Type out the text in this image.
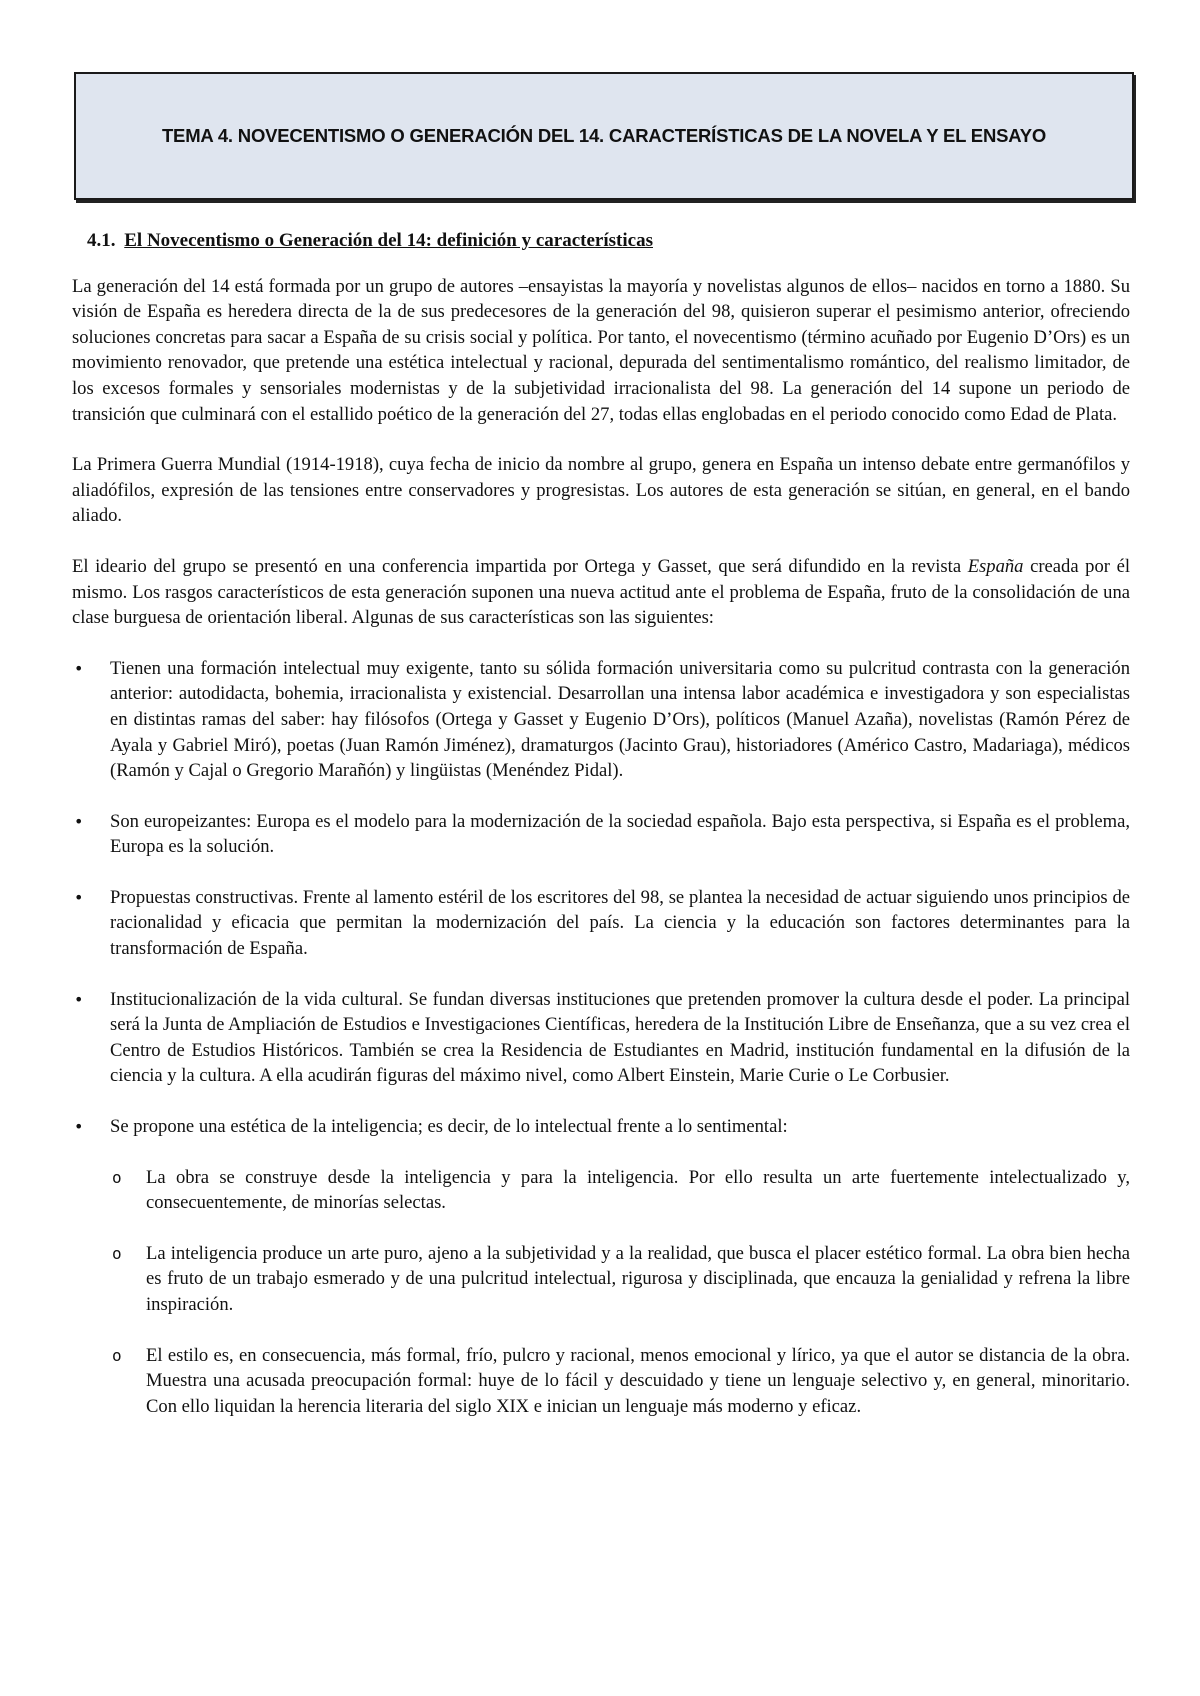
TEMA 4. NOVECENTISMO O GENERACIÓN DEL 14. CARACTERÍSTICAS DE LA NOVELA Y EL ENSAYO
4.1. El Novecentismo o Generación del 14: definición y características

La generación del 14 está formada por un grupo de autores –ensayistas la mayoría y novelistas algunos de ellos– nacidos en torno a 1880. Su visión de España es heredera directa de la de sus predecesores de la generación del 98, quisieron superar el pesimismo anterior, ofreciendo soluciones concretas para sacar a España de su crisis social y política. Por tanto, el novecentismo (término acuñado por Eugenio D’Ors) es un movimiento renovador, que pretende una estética intelectual y racional, depurada del sentimentalismo romántico, del realismo limitador, de los excesos formales y sensoriales modernistas y de la subjetividad irracionalista del 98. La generación del 14 supone un periodo de transición que culminará con el estallido poético de la generación del 27, todas ellas englobadas en el periodo conocido como Edad de Plata.

La Primera Guerra Mundial (1914-1918), cuya fecha de inicio da nombre al grupo, genera en España un intenso debate entre germanófilos y aliadófilos, expresión de las tensiones entre conservadores y progresistas. Los autores de esta generación se sitúan, en general, en el bando aliado.

El ideario del grupo se presentó en una conferencia impartida por Ortega y Gasset, que será difundido en la revista España creada por él mismo. Los rasgos característicos de esta generación suponen una nueva actitud ante el problema de España, fruto de la consolidación de una clase burguesa de orientación liberal. Algunas de sus características son las siguientes:

• Tienen una formación intelectual muy exigente, tanto su sólida formación universitaria como su pulcritud contrasta con la generación anterior: autodidacta, bohemia, irracionalista y existencial. Desarrollan una intensa labor académica e investigadora y son especialistas en distintas ramas del saber: hay filósofos (Ortega y Gasset y Eugenio D’Ors), políticos (Manuel Azaña), novelistas (Ramón Pérez de Ayala y Gabriel Miró), poetas (Juan Ramón Jiménez), dramaturgos (Jacinto Grau), historiadores (Américo Castro, Madariaga), médicos (Ramón y Cajal o Gregorio Marañón) y lingüistas (Menéndez Pidal).
• Son europeizantes: Europa es el modelo para la modernización de la sociedad española. Bajo esta perspectiva, si España es el problema, Europa es la solución.
• Propuestas constructivas. Frente al lamento estéril de los escritores del 98, se plantea la necesidad de actuar siguiendo unos principios de racionalidad y eficacia que permitan la modernización del país. La ciencia y la educación son factores determinantes para la transformación de España.
• Institucionalización de la vida cultural. Se fundan diversas instituciones que pretenden promover la cultura desde el poder. La principal será la Junta de Ampliación de Estudios e Investigaciones Científicas, heredera de la Institución Libre de Enseñanza, que a su vez crea el Centro de Estudios Históricos. También se crea la Residencia de Estudiantes en Madrid, institución fundamental en la difusión de la ciencia y la cultura. A ella acudirán figuras del máximo nivel, como Albert Einstein, Marie Curie o Le Corbusier.
• Se propone una estética de la inteligencia; es decir, de lo intelectual frente a lo sentimental:
o La obra se construye desde la inteligencia y para la inteligencia. Por ello resulta un arte fuertemente intelectualizado y, consecuentemente, de minorías selectas.
o La inteligencia produce un arte puro, ajeno a la subjetividad y a la realidad, que busca el placer estético formal. La obra bien hecha es fruto de un trabajo esmerado y de una pulcritud intelectual, rigurosa y disciplinada, que encauza la genialidad y refrena la libre inspiración.
o El estilo es, en consecuencia, más formal, frío, pulcro y racional, menos emocional y lírico, ya que el autor se distancia de la obra. Muestra una acusada preocupación formal: huye de lo fácil y descuidado y tiene un lenguaje selectivo y, en general, minoritario. Con ello liquidan la herencia literaria del siglo XIX e inician un lenguaje más moderno y eficaz.
